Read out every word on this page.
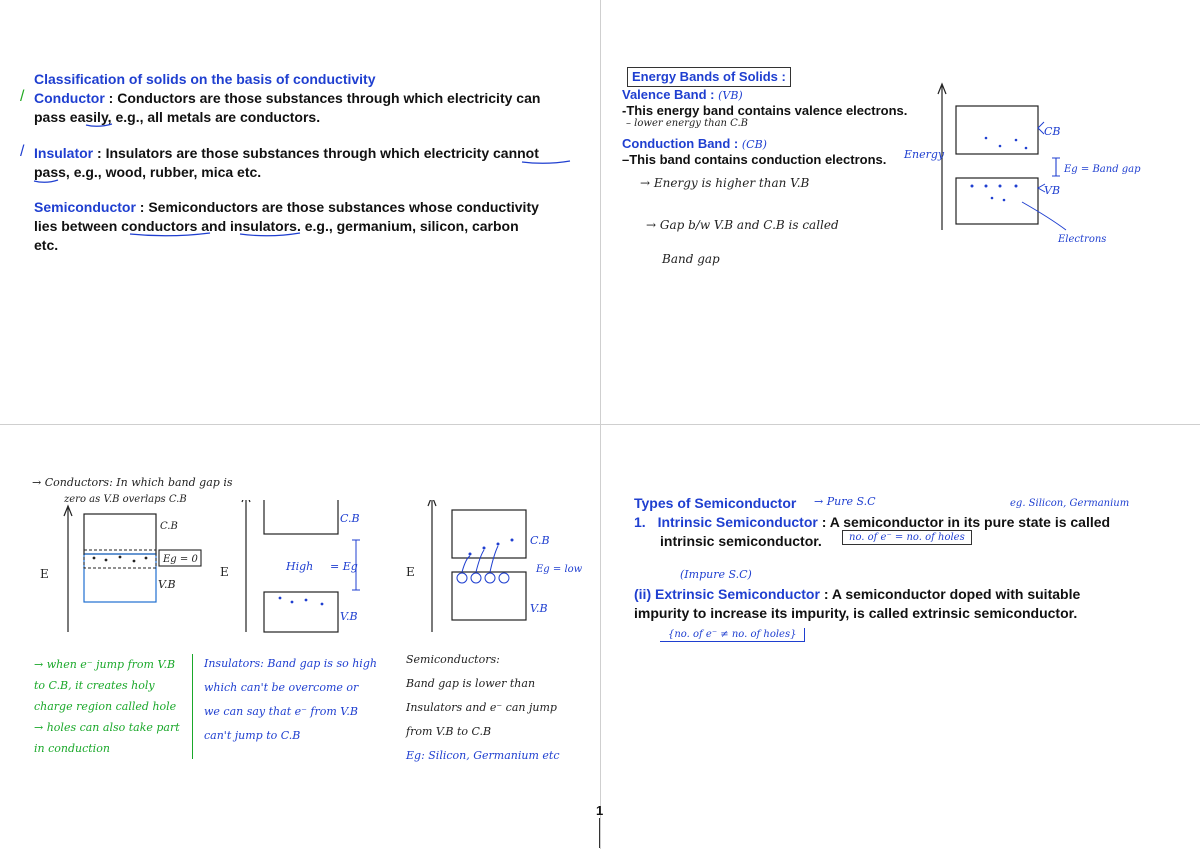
Classification of solids on the basis of conductivity
/ Conductor : Conductors are those substances through which electricity can
pass easily, e.g., all metals are conductors.
/ Insulator : Insulators are those substances through which electricity cannot
pass, e.g., wood, rubber, mica etc.
Semiconductor : Semiconductors are those substances whose conductivity
lies between conductors and insulators. e.g., germanium, silicon, carbon
etc.
Energy Bands of Solids :
Valence Band : (VB)
-This energy band contains valence electrons.
– lower energy than C.B
Conduction Band : (CB)
–This band contains conduction electrons.
→ Energy is higher than V.B
→ Gap b/w V.B and C.B is called
Band gap
Energy
CB
VB
Eg = Band gap
Electrons
→ Conductors: In which band gap is
zero as V.B overlaps C.B
E
C.B
V.B
Eg = 0
E
C.B
V.B
High = Eg	E
C.B
V.B
Eg = low
→ when e⁻ jump from V.B
to C.B, it creates holy
charge region called hole
→ holes can also take part
in conduction
Insulators: Band gap is so high
which can't be overcome or
we can say that e⁻ from V.B
can't jump to C.B
Semiconductors:
Band gap is lower than
Insulators and e⁻ can jump
from V.B to C.B
Eg: Silicon, Germanium etc
Types of Semiconductor → Pure S.C	eg. Silicon, Germanium
1. Intrinsic Semiconductor : A semiconductor in its pure state is called
intrinsic semiconductor.	no. of e⁻ = no. of holes
(Impure S.C)
(ii) Extrinsic Semiconductor : A semiconductor doped with suitable
impurity to increase its impurity, is called extrinsic semiconductor.
{no. of e⁻ ≠ no. of holes}
1
